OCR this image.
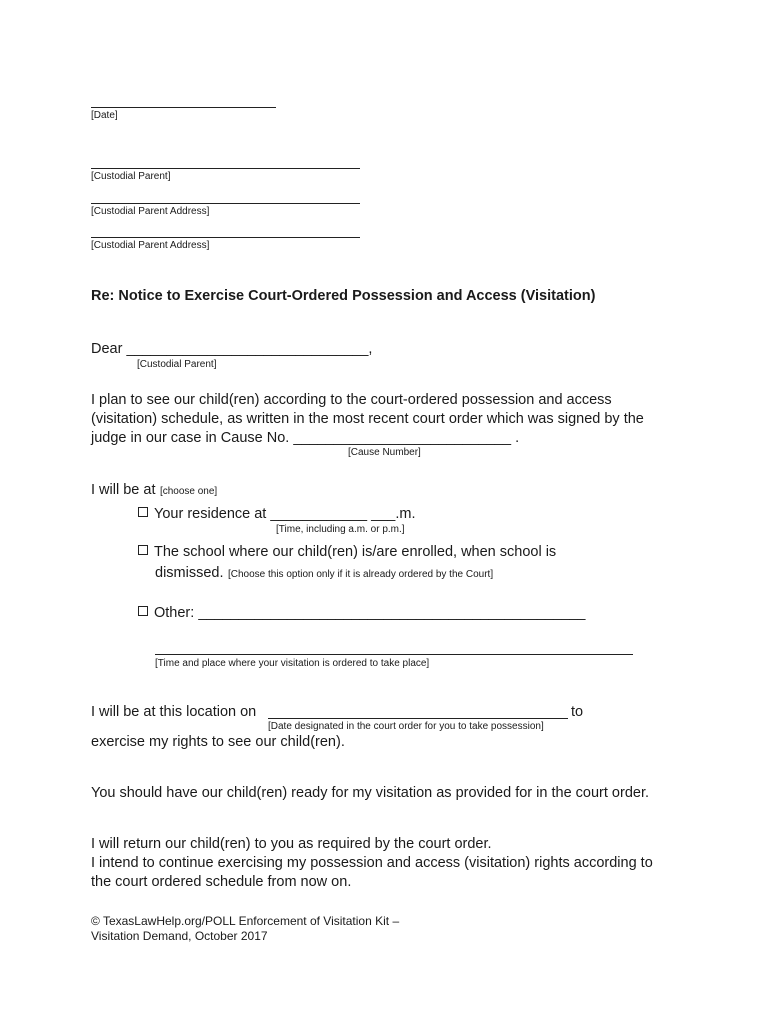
[Date]
[Custodial Parent]
[Custodial Parent Address]
[Custodial Parent Address]
Re: Notice to Exercise Court-Ordered Possession and Access (Visitation)
Dear ______________________________,
[Custodial Parent]
I plan to see our child(ren) according to the court-ordered possession and access
(visitation) schedule, as written in the most recent court order which was signed by the
judge in our case in Cause No. ___________________________ .
[Cause Number]
I will be at [choose one]
Your residence at ____________ ___.m.
[Time, including a.m. or p.m.]
The school where our child(ren) is/are enrolled, when school is
dismissed. [Choose this option only if it is already ordered by the Court]
Other: ________________________________________________
[Time and place where your visitation is ordered to take place]
I will be at this location on	to
[Date designated in the court order for you to take possession]
exercise my rights to see our child(ren).
You should have our child(ren) ready for my visitation as provided for in the court order.
I will return our child(ren) to you as required by the court order.
I intend to continue exercising my possession and access (visitation) rights according to
the court ordered schedule from now on.
© TexasLawHelp.org/POLL Enforcement of Visitation Kit –
Visitation Demand, October 2017
